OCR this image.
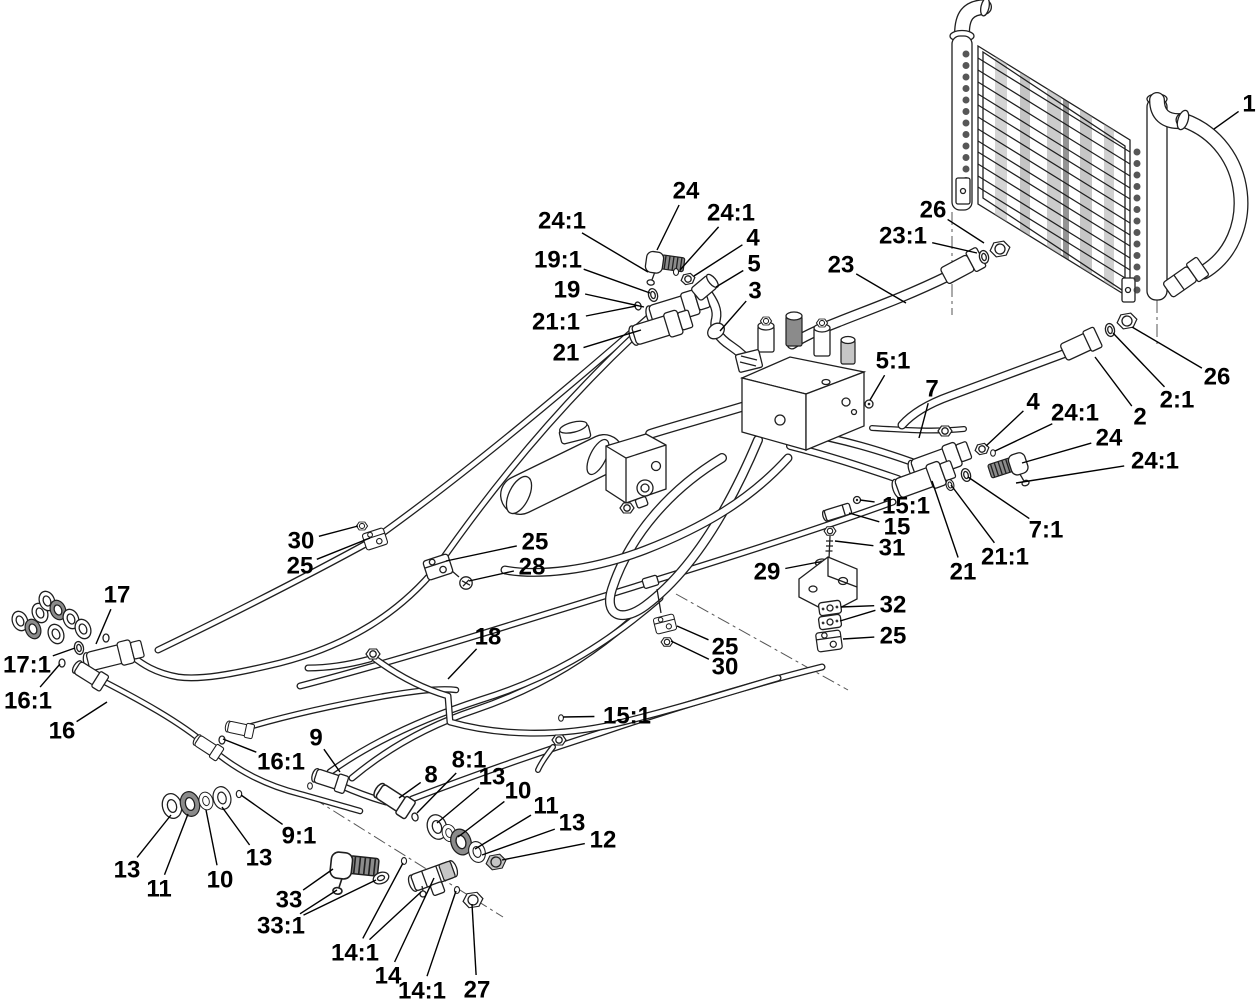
1
24
24:1
4
5
3
24:1
19:1
19
21:1
21
26
23:1
23
26
2:1
2
5:1
7	4 24:1
24
24:1
7:1
21:1
21
15:1
15
31
29
32
25
25
30
30
25
25
28
17
17:1
16:1
16
16:1
18
15:1
9
9:1
8
8:1
13
10
11
13
12
13
11 10
13
33
33:1
14:1
14
14:1 27
